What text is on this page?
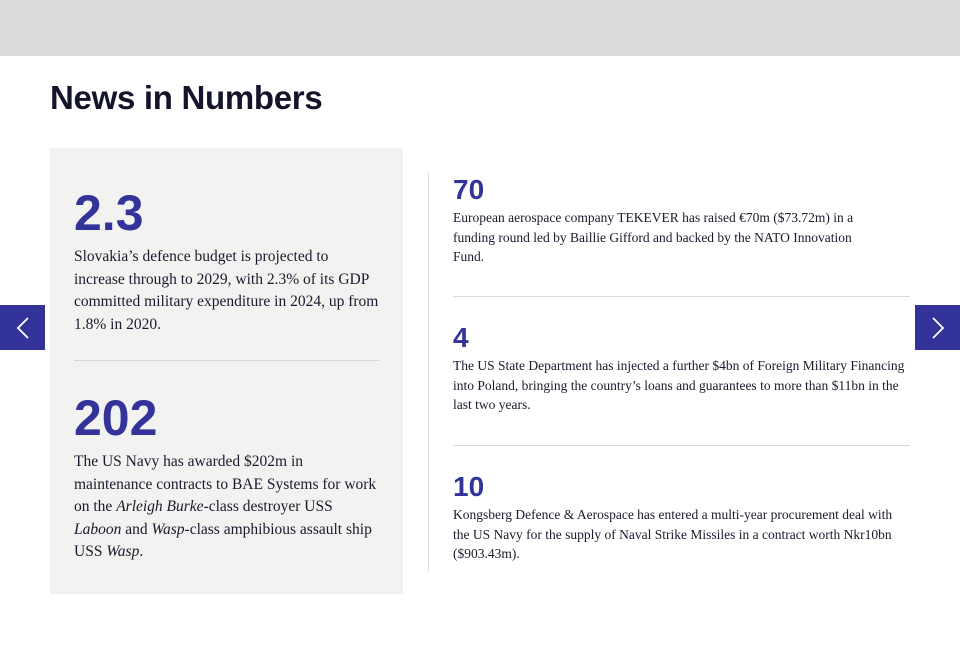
News in Numbers

2.3

Slovakia’s defence budget is projected to increase through to 2029, with 2.3% of its GDP committed military expenditure in 2024, up from 1.8% in 2020.

202

The US Navy has awarded $202m in maintenance contracts to BAE Systems for work on the Arleigh Burke-class destroyer USS Laboon and Wasp-class amphibious assault ship USS Wasp.

70

European aerospace company TEKEVER has raised €70m ($73.72m) in a funding round led by Baillie Gifford and backed by the NATO Innovation Fund.

4

The US State Department has injected a further $4bn of Foreign Military Financing into Poland, bringing the country’s loans and guarantees to more than $11bn in the last two years.

10

Kongsberg Defence & Aerospace has entered a multi-year procurement deal with the US Navy for the supply of Naval Strike Missiles in a contract worth Nkr10bn ($903.43m).
